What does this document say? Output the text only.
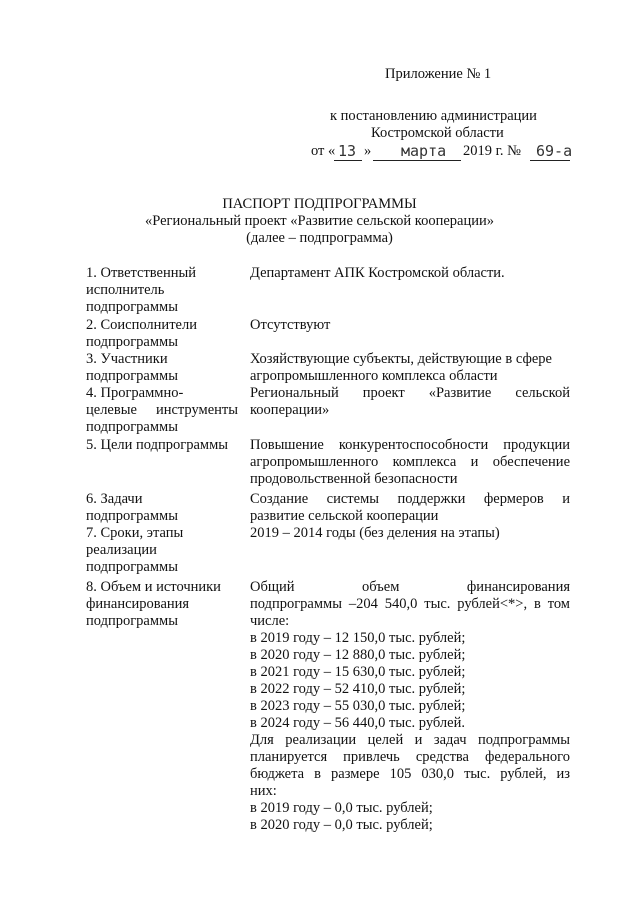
Приложение № 1
к постановлению администрации
Костромской области
от « 13 » марта 2019 г. № 69-а
ПАСПОРТ ПОДПРОГРАММЫ
«Региональный проект «Развитие сельской кооперации»
(далее – подпрограмма)
1. Ответственный
исполнитель
подпрограммы
Департамент АПК Костромской области.
2. Соисполнители
подпрограммы
Отсутствуют
3. Участники
подпрограммы
Хозяйствующие субъекты, действующие в сфере
агропромышленного комплекса области
4. Программно-
целевые инструменты
подпрограммы
Региональный проект «Развитие сельской
кооперации»
5. Цели подпрограммы	Повышение конкурентоспособности продукции
агропромышленного комплекса и обеспечение
продовольственной безопасности
6. Задачи
подпрограммы
Создание системы поддержки фермеров и
развитие сельской кооперации
7. Сроки, этапы
реализации
подпрограммы
2019 – 2014 годы (без деления на этапы)
8. Объем и источники
финансирования
подпрограммы
Общий объем финансирования
подпрограммы –204 540,0 тыс. рублей<*>, в том
числе:
в 2019 году – 12 150,0 тыс. рублей;
в 2020 году – 12 880,0 тыс. рублей;
в 2021 году – 15 630,0 тыс. рублей;
в 2022 году – 52 410,0 тыс. рублей;
в 2023 году – 55 030,0 тыс. рублей;
в 2024 году – 56 440,0 тыс. рублей.
Для реализации целей и задач подпрограммы
планируется привлечь средства федерального
бюджета в размере 105 030,0 тыс. рублей, из
них:
в 2019 году – 0,0 тыс. рублей;
в 2020 году – 0,0 тыс. рублей;
